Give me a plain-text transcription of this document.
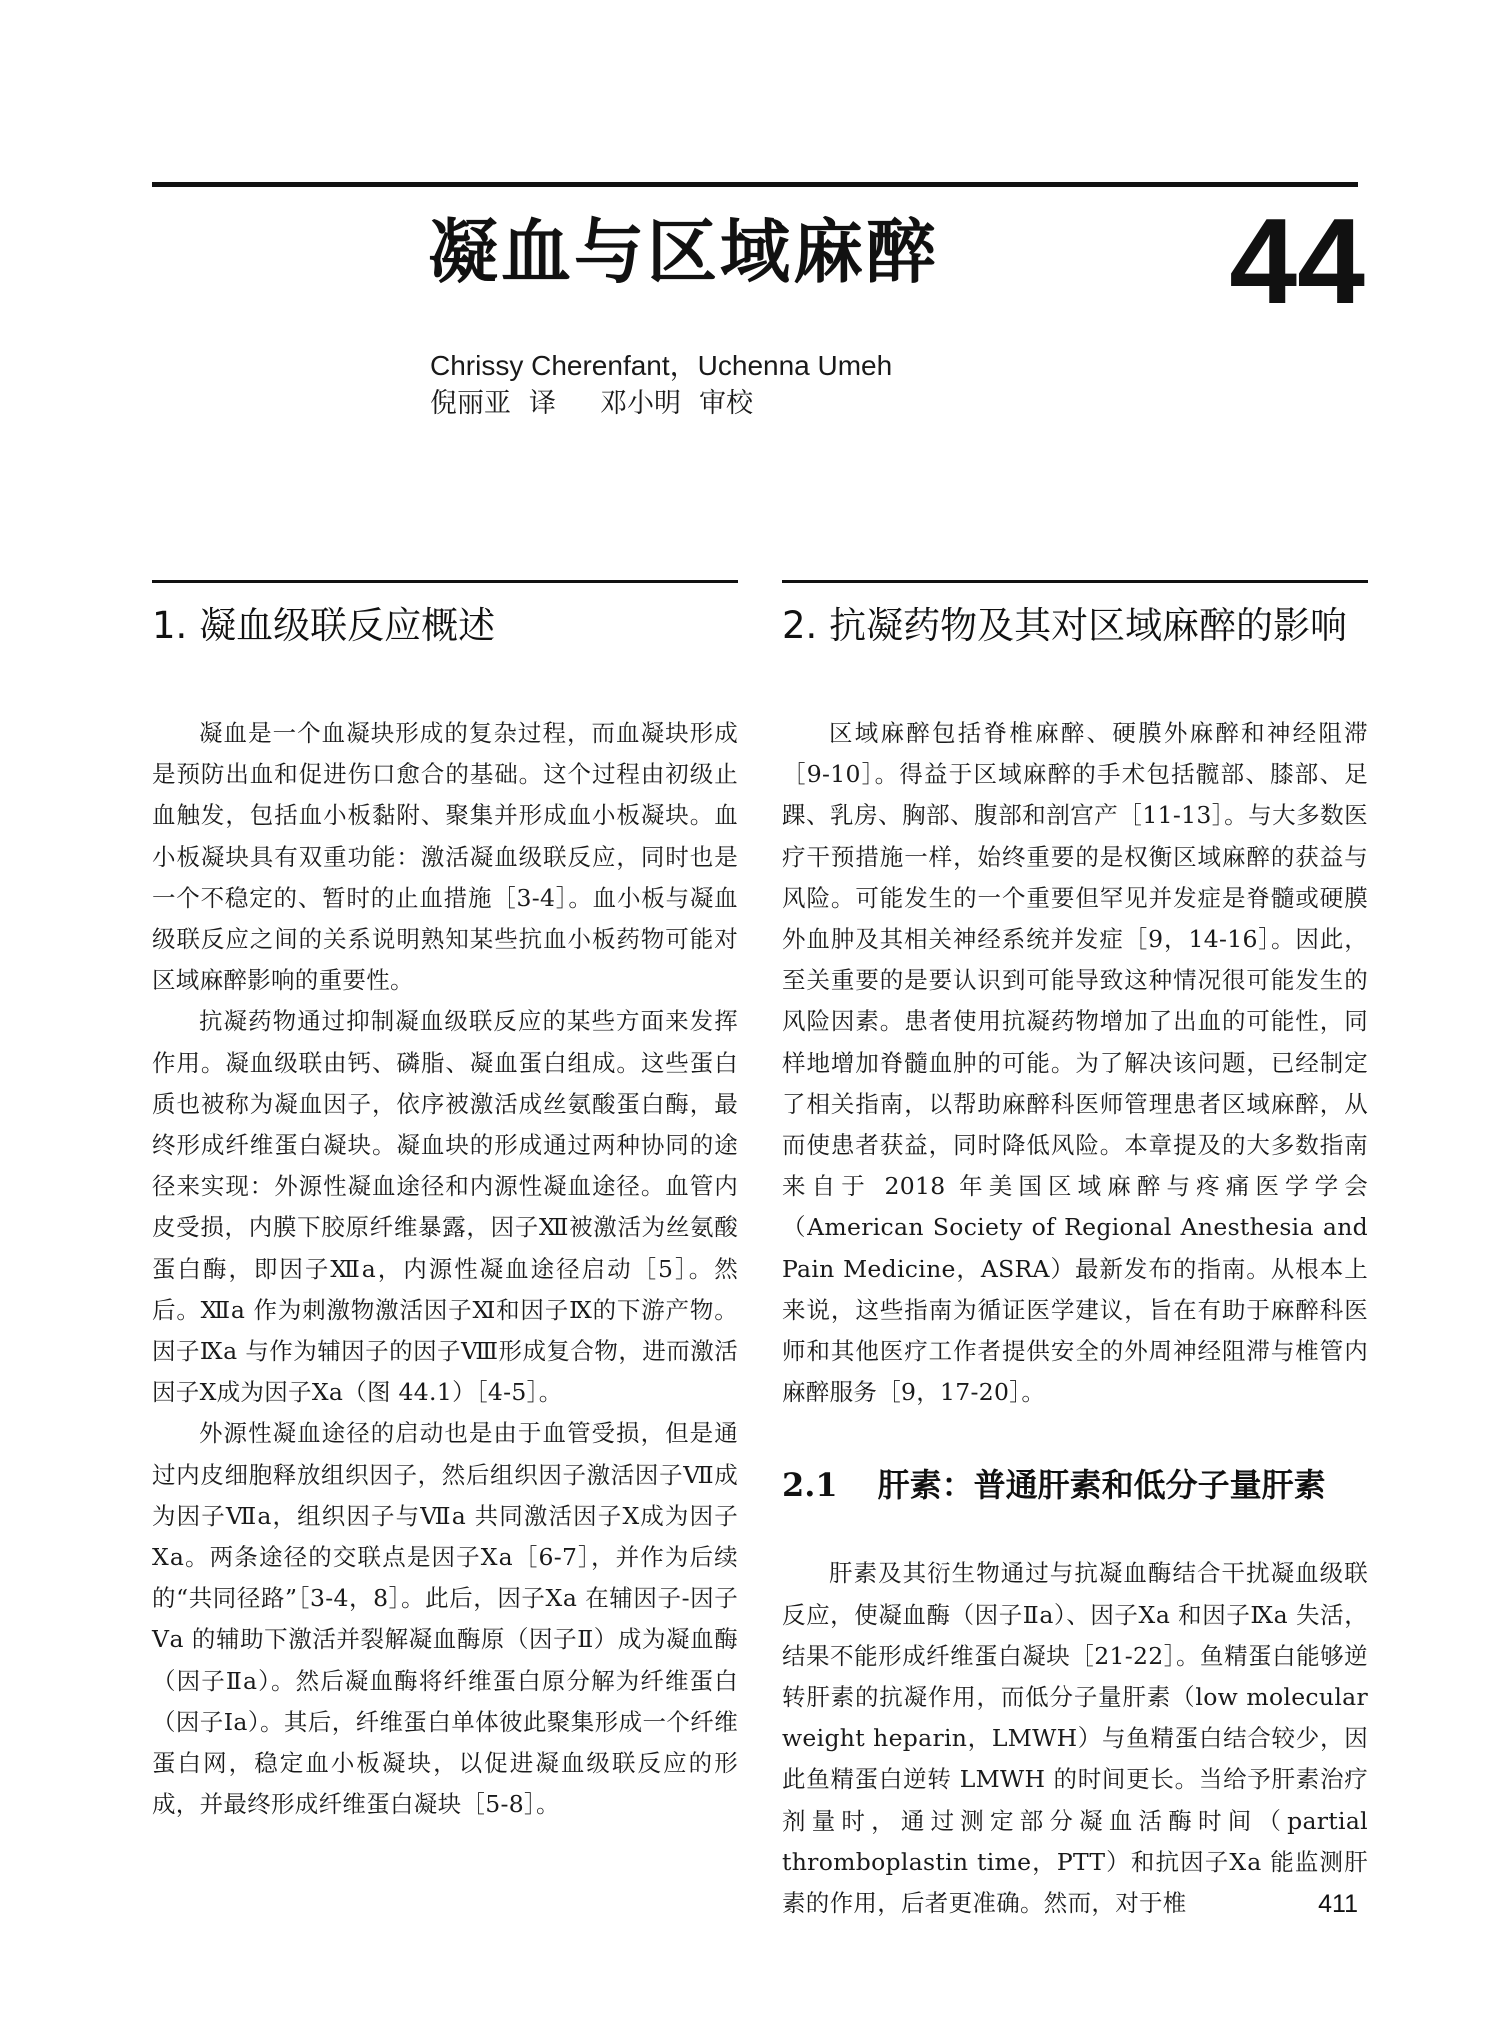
凝血与区域麻醉 44
Chrissy Cherenfant，Uchenna Umeh
倪丽亚 译 邓小明 审校
1. 凝血级联反应概述

凝血是一个血凝块形成的复杂过程，而血凝块形成是预防出血和促进伤口愈合的基础。这个过程由初级止血触发，包括血小板黏附、聚集并形成血小板凝块。血小板凝块具有双重功能：激活凝血级联反应，同时也是一个不稳定的、暂时的止血措施［3-4］。血小板与凝血级联反应之间的关系说明熟知某些抗血小板药物可能对区域麻醉影响的重要性。

抗凝药物通过抑制凝血级联反应的某些方面来发挥作用。凝血级联由钙、磷脂、凝血蛋白组成。这些蛋白质也被称为凝血因子，依序被激活成丝氨酸蛋白酶，最终形成纤维蛋白凝块。凝血块的形成通过两种协同的途径来实现：外源性凝血途径和内源性凝血途径。血管内皮受损，内膜下胶原纤维暴露，因子Ⅻ被激活为丝氨酸蛋白酶，即因子Ⅻa，内源性凝血途径启动［5］。然后。Ⅻa 作为刺激物激活因子Ⅺ和因子Ⅸ的下游产物。因子Ⅸa 与作为辅因子的因子Ⅷ形成复合物，进而激活因子Ⅹ成为因子Ⅹa（图 44.1）［4-5］。

外源性凝血途径的启动也是由于血管受损，但是通过内皮细胞释放组织因子，然后组织因子激活因子Ⅶ成为因子Ⅶa，组织因子与Ⅶa 共同激活因子Ⅹ成为因子Ⅹa。两条途径的交联点是因子Ⅹa［6-7］，并作为后续的“共同径路”［3-4，8］。此后，因子Ⅹa 在辅因子-因子Ⅴa 的辅助下激活并裂解凝血酶原（因子Ⅱ）成为凝血酶（因子Ⅱa）。然后凝血酶将纤维蛋白原分解为纤维蛋白（因子Ⅰa）。其后，纤维蛋白单体彼此聚集形成一个纤维蛋白网，稳定血小板凝块，以促进凝血级联反应的形成，并最终形成纤维蛋白凝块［5-8］。

2. 抗凝药物及其对区域麻醉的影响

区域麻醉包括脊椎麻醉、硬膜外麻醉和神经阻滞［9-10］。得益于区域麻醉的手术包括髋部、膝部、足踝、乳房、胸部、腹部和剖宫产［11-13］。与大多数医疗干预措施一样，始终重要的是权衡区域麻醉的获益与风险。可能发生的一个重要但罕见并发症是脊髓或硬膜外血肿及其相关神经系统并发症［9，14-16］。因此，至关重要的是要认识到可能导致这种情况很可能发生的风险因素。患者使用抗凝药物增加了出血的可能性，同样地增加脊髓血肿的可能。为了解决该问题，已经制定了相关指南，以帮助麻醉科医师管理患者区域麻醉，从而使患者获益，同时降低风险。本章提及的大多数指南来自于 2018 年美国区域麻醉与疼痛医学学会（American Society of Regional Anesthesia and Pain Medicine，ASRA）最新发布的指南。从根本上来说，这些指南为循证医学建议，旨在有助于麻醉科医师和其他医疗工作者提供安全的外周神经阻滞与椎管内麻醉服务［9，17-20］。

2.1 肝素：普通肝素和低分子量肝素

肝素及其衍生物通过与抗凝血酶结合干扰凝血级联反应，使凝血酶（因子Ⅱa）、因子Ⅹa 和因子Ⅸa 失活，结果不能形成纤维蛋白凝块［21-22］。鱼精蛋白能够逆转肝素的抗凝作用，而低分子量肝素（low molecular weight heparin，LMWH）与鱼精蛋白结合较少，因此鱼精蛋白逆转 LMWH 的时间更长。当给予肝素治疗剂量时，通过测定部分凝血活酶时间（partial thromboplastin time，PTT）和抗因子Ⅹa 能监测肝素的作用，后者更准确。然而，对于椎	411
